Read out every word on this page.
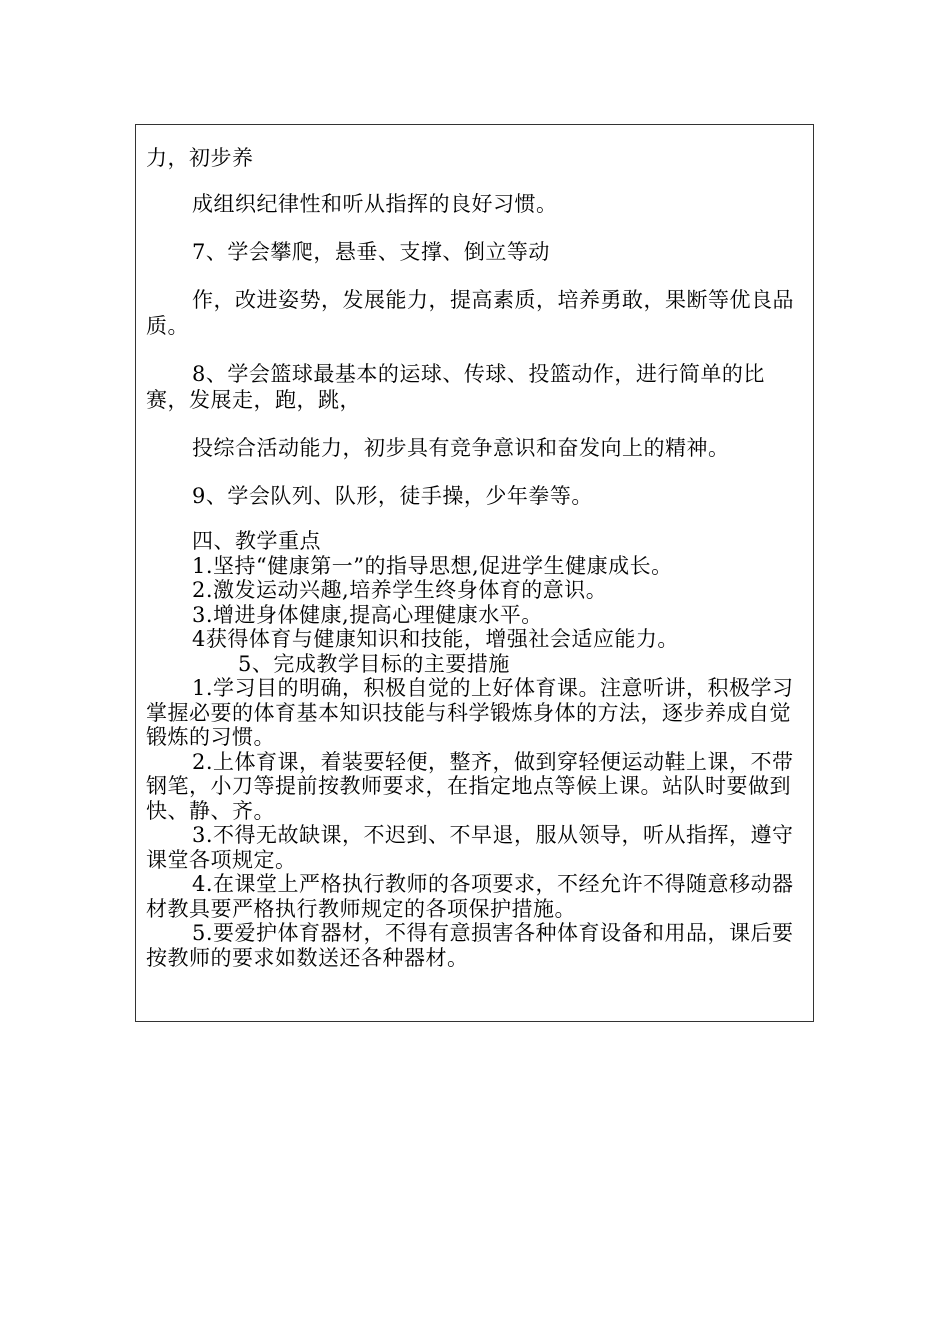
力，初步养

成组织纪律性和听从指挥的良好习惯。

7、学会攀爬，悬垂、支撑、倒立等动

作，改进姿势，发展能力，提高素质，培养勇敢，果断等优良品质。

8、学会篮球最基本的运球、传球、投篮动作，进行简单的比赛，发展走，跑，跳，

投综合活动能力，初步具有竞争意识和奋发向上的精神。

9、学会队列、队形，徒手操，少年拳等。

四、教学重点

1.坚持“健康第一”的指导思想,促进学生健康成长。

2.激发运动兴趣,培养学生终身体育的意识。

3.增进身体健康,提高心理健康水平。

4获得体育与健康知识和技能，增强社会适应能力。

5、完成教学目标的主要措施

1.学习目的明确，积极自觉的上好体育课。注意听讲，积极学习掌握必要的体育基本知识技能与科学锻炼身体的方法，逐步养成自觉锻炼的习惯。

2.上体育课，着装要轻便，整齐，做到穿轻便运动鞋上课，不带钢笔，小刀等提前按教师要求，在指定地点等候上课。站队时要做到快、静、齐。

3.不得无故缺课，不迟到、不早退，服从领导，听从指挥，遵守课堂各项规定。

4.在课堂上严格执行教师的各项要求，不经允许不得随意移动器材教具要严格执行教师规定的各项保护措施。

5.要爱护体育器材，不得有意损害各种体育设备和用品，课后要按教师的要求如数送还各种器材。
